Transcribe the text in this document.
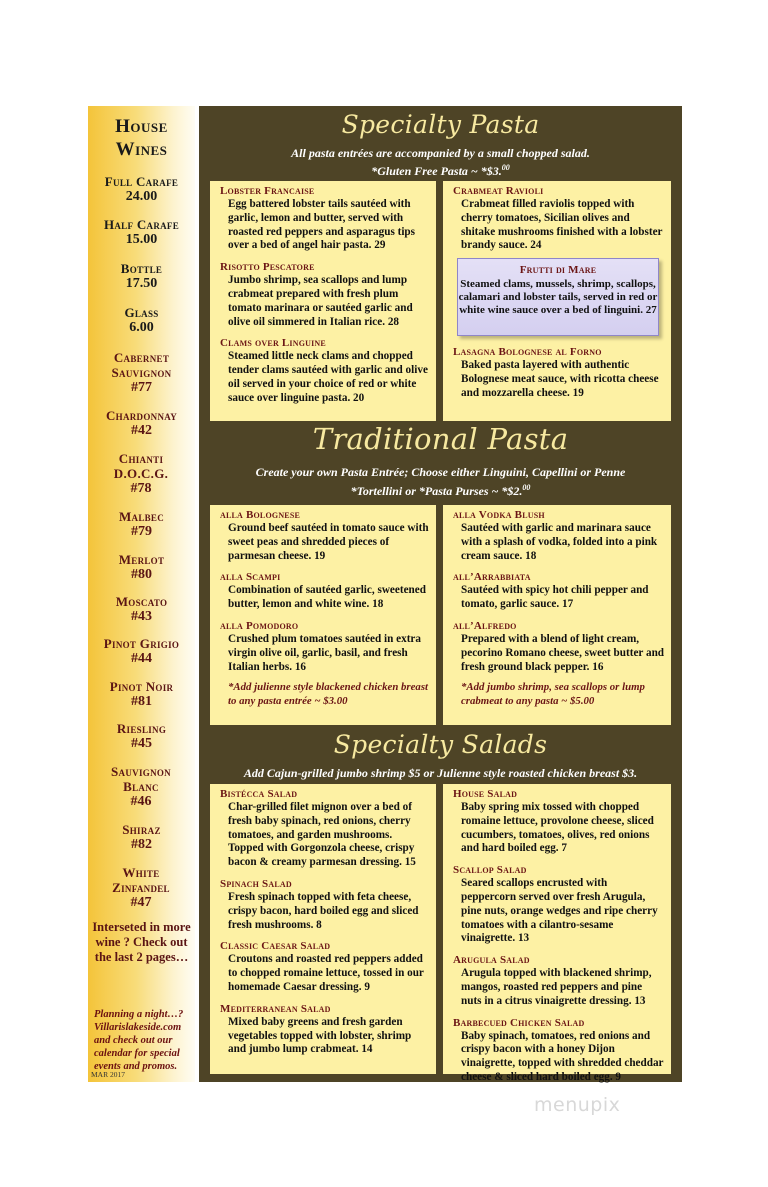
House
Wines
Full Carafe
24.00
Half Carafe
15.00
Bottle
17.50
Glass
6.00
Cabernet Sauvignon
#77
Chardonnay
#42
Chianti D.O.C.G.
#78
Malbec
#79
Merlot
#80
Moscato
#43
Pinot Grigio
#44
Pinot Noir
#81
Riesling
#45
Sauvignon Blanc
#46
Shiraz
#82
White Zinfandel
#47
Interseted in more wine ? Check out the last 2 pages…
Planning a night…? Villarislakeside.com and check out our calendar for special events and promos.
MAR 2017
Specialty Pasta
All pasta entrées are accompanied by a small chopped salad.
*Gluten Free Pasta ~ *$3.00
Lobster Francaise
Egg battered lobster tails sautéed with garlic, lemon and butter, served with roasted red peppers and asparagus tips over a bed of angel hair pasta. 29
Risotto Pescatore
Jumbo shrimp, sea scallops and lump crabmeat prepared with fresh plum tomato marinara or sautéed garlic and olive oil simmered in Italian rice. 28
Clams over Linguine
Steamed little neck clams and chopped tender clams sautéed with garlic and olive oil served in your choice of red or white sauce over linguine pasta. 20
Crabmeat Ravioli
Crabmeat filled raviolis topped with cherry tomatoes, Sicilian olives and shitake mushrooms finished with a lobster brandy sauce. 24
Lasagna Bolognese al Forno
Baked pasta layered with authentic Bolognese meat sauce, with ricotta cheese and mozzarella cheese. 19
Frutti di Mare
Steamed clams, mussels, shrimp, scallops, calamari and lobster tails, served in red or white wine sauce over a bed of linguini. 27
Traditional Pasta
Create your own Pasta Entrée; Choose either Linguini, Capellini or Penne
*Tortellini or *Pasta Purses ~ *$2.00
alla Bolognese
Ground beef sautéed in tomato sauce with sweet peas and shredded pieces of parmesan cheese. 19
alla Scampi
Combination of sautéed garlic, sweetened butter, lemon and white wine. 18
alla Pomodoro
Crushed plum tomatoes sautéed in extra virgin olive oil, garlic, basil, and fresh Italian herbs. 16
*Add julienne style blackened chicken breast to any pasta entrée ~ $3.00
alla Vodka Blush
Sautéed with garlic and marinara sauce with a splash of vodka, folded into a pink cream sauce. 18
all’Arrabbiata
Sautéed with spicy hot chili pepper and tomato, garlic sauce. 17
all’Alfredo
Prepared with a blend of light cream, pecorino Romano cheese, sweet butter and fresh ground black pepper. 16
*Add jumbo shrimp, sea scallops or lump crabmeat to any pasta ~ $5.00
Specialty Salads
Add Cajun-grilled jumbo shrimp $5 or Julienne style roasted chicken breast $3.
Bistécca Salad
Char-grilled filet mignon over a bed of fresh baby spinach, red onions, cherry tomatoes, and garden mushrooms. Topped with Gorgonzola cheese, crispy bacon & creamy parmesan dressing. 15
Spinach Salad
Fresh spinach topped with feta cheese, crispy bacon, hard boiled egg and sliced fresh mushrooms. 8
Classic Caesar Salad
Croutons and roasted red peppers added to chopped romaine lettuce, tossed in our homemade Caesar dressing. 9
Mediterranean Salad
Mixed baby greens and fresh garden vegetables topped with lobster, shrimp and jumbo lump crabmeat. 14
House Salad
Baby spring mix tossed with chopped romaine lettuce, provolone cheese, sliced cucumbers, tomatoes, olives, red onions and hard boiled egg. 7
Scallop Salad
Seared scallops encrusted with peppercorn served over fresh Arugula, pine nuts, orange wedges and ripe cherry tomatoes with a cilantro-sesame vinaigrette. 13
Arugula Salad
Arugula topped with blackened shrimp, mangos, roasted red peppers and pine nuts in a citrus vinaigrette dressing. 13
Barbecued Chicken Salad
Baby spinach, tomatoes, red onions and crispy bacon with a honey Dijon vinaigrette, topped with shredded cheddar cheese & sliced hard boiled egg. 9
menupix
